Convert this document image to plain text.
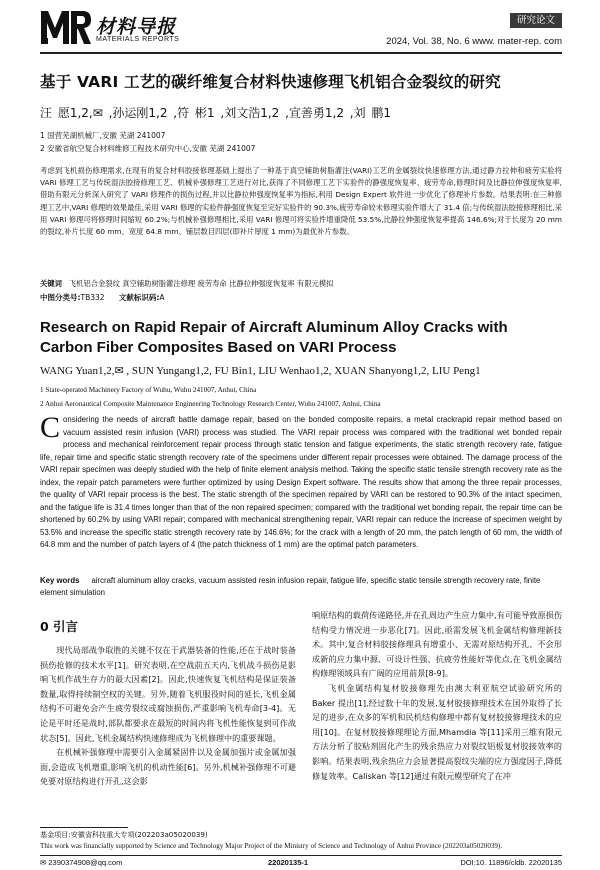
材料导报
MATERIALS REPORTS
研究论文
2024, Vol. 38, No. 6 www. mater-rep. com
基于 VARI 工艺的碳纤维复合材料快速修理飞机铝合金裂纹的研究
汪 愿1,2,✉ ,孙运刚1,2 ,符 彬1 ,刘文浩1,2 ,宣善勇1,2 ,刘 鹏1
1 国营芜湖机械厂,安徽 芜湖 241007
2 安徽省航空复合材料维修工程技术研究中心,安徽 芜湖 241007
考虑到飞机损伤修理需求,在现有的复合材料胶接修理基础上提出了一种基于真空辅助树脂灌注(VARI)工艺的金属裂纹快速修理方法,通过静力拉伸和疲劳实验将 VARI 修理工艺与传统湿法胶接修理工艺、机械补强修理工艺进行对比,获得了不同修理工艺下实验件的静强度恢复率、疲劳寿命,修理时间及比静拉伸强度恢复率,借助有限元分析深入研究了 VARI 修理件的损伤过程,并以比静拉伸强度恢复率为指标,利用 Design Expert 软件进一步优化了修理补片参数。结果表明:在三种修理工艺中,VARI 修理的效果最佳,采用 VARI 修理的实验件静强度恢复至完好实验件的 90.3%,疲劳寿命较未修理实验件增大了 31.4 倍;与传统湿法胶接修理相比,采用 VARI 修理可将修理时间缩短 60.2%;与机械补强修理相比,采用 VARI 修理可将实验件增重降低 53.5%,比静拉伸强度恢复率提高 146.6%;对于长度为 20 mm 的裂纹,补片长度 60 mm、宽度 64.8 mm、铺层数目四层(即补片厚度 1 mm)为最优补片参数。
关键词 飞机铝合金裂纹 真空辅助树脂灌注修理 疲劳寿命 比静拉伸强度恢复率 有限元模拟
中图分类号:TB332 文献标识码:A
Research on Rapid Repair of Aircraft Aluminum Alloy Cracks with Carbon Fiber Composites Based on VARI Process
WANG Yuan1,2,✉ , SUN Yungang1,2, FU Bin1, LIU Wenhao1,2, XUAN Shanyong1,2, LIU Peng1
1 State-operated Machinery Factory of Wuhu, Wuhu 241007, Anhui, China
2 Anhui Aeronautical Composite Maintenance Engineering Technology Research Center, Wuhu 241007, Anhui, China
Considering the needs of aircraft battle damage repair, based on the bonded composite repairs, a metal crackrapid repair method based on vacuum assisted resin infusion (VARI) process was studied. The VARI repair process was compared with the traditional wet bonded repair process and mechanical reinforcement repair process through static tension and fatigue experiments, the static strength recovery rate, fatigue life, repair time and specific static strength recovery rate of the specimens under different repair processes were obtained. The damage process of the VARI repair specimen was deeply studied with the help of finite element analysis method. Taking the specific static tensile strength recovery rate as the index, the repair patch parameters were further optimized by using Design Expert software. The results show that among the three repair processes, the quality of VARI repair process is the best. The static strength of the specimen repaired by VARI can be restored to 90.3% of the intact specimen, and the fatigue life is 31.4 times longer than that of the non repaired specimen; compared with the traditional wet bonding repair, the repair time can be shortened by 60.2% by using VARI repair; compared with mechanical strengthening repair, VARI repair can reduce the increase of specimen weight by 53.5% and increase the specific static strength recovery rate by 146.6%; for the crack with a length of 20 mm, the patch length of 60 mm, the width of 64.8 mm and the number of patch layers of 4 (the patch thickness of 1 mm) are the optimal patch parameters.
Key words aircraft aluminum alloy cracks, vacuum assisted resin infusion repair, fatigue life, specific static tensile strength recovery rate, finite element simulation
0 引言

现代局部战争取胜的关键不仅在于武器装备的性能,还在于战时装备损伤抢修的技术水平[1]。研究表明,在空战前五天内,飞机战斗损伤是影响飞机作战生存力的最大因素[2]。因此,快速恢复飞机结构是保证装备数量,取得持续制空权的关键。另外,随着飞机服役时间的延长,飞机金属结构不可避免会产生疲劳裂纹或腐蚀损伤,严重影响飞机寿命[3-4]。无论是平时还是战时,部队都要求在最短的时间内将飞机性能恢复到可作战状态[5]。因此,飞机金属结构快速修理成为飞机修理中的重要课题。

在机械补强修理中需要引入金属紧固件以及金属加强片或金属加强面,会造成飞机增重,影响飞机的机动性能[6]。另外,机械补强修理不可避免要对原结构进行开孔,这会影

响原结构的载荷传递路径,并在孔周边产生应力集中,有可能导致原损伤结构受力情况进一步恶化[7]。因此,亟需发展飞机金属结构修理新技术。其中,复合材料胶接修理具有增重小、无需对原结构开孔、不会形成新的应力集中源、可设计性强、抗疲劳性能好等优点,在飞机金属结构修理领域具有广阔的应用前景[8-9]。

飞机金属结构复材胶接修理先由澳大利亚航空试验研究所的 Baker 提出[1],经过数十年的发展,复材胶接修理技术在国外取得了长足的进步,在众多的军机和民机结构修理中都有复材胶接修理技术的应用[10]。在复材胶接修理理论方面,Mhamdia 等[11]采用三维有限元方法分析了胶粘剂固化产生的残余热应力对裂纹铝板复材胶接效率的影响。结果表明,残余热应力会显著提高裂纹尖端的应力强度因子,降低修复效率。Caliskan 等[12]通过有限元模型研究了在冲

基金项目:安徽省科技重大专项(202203a05020039)
This work was financially supported by Science and Technology Major Project of the Ministry of Science and Technology of Anhui Province (202203a05020039).
✉ 2390374908@qq.com	22020135-1	DOI:10. 11896/cldb. 22020135
